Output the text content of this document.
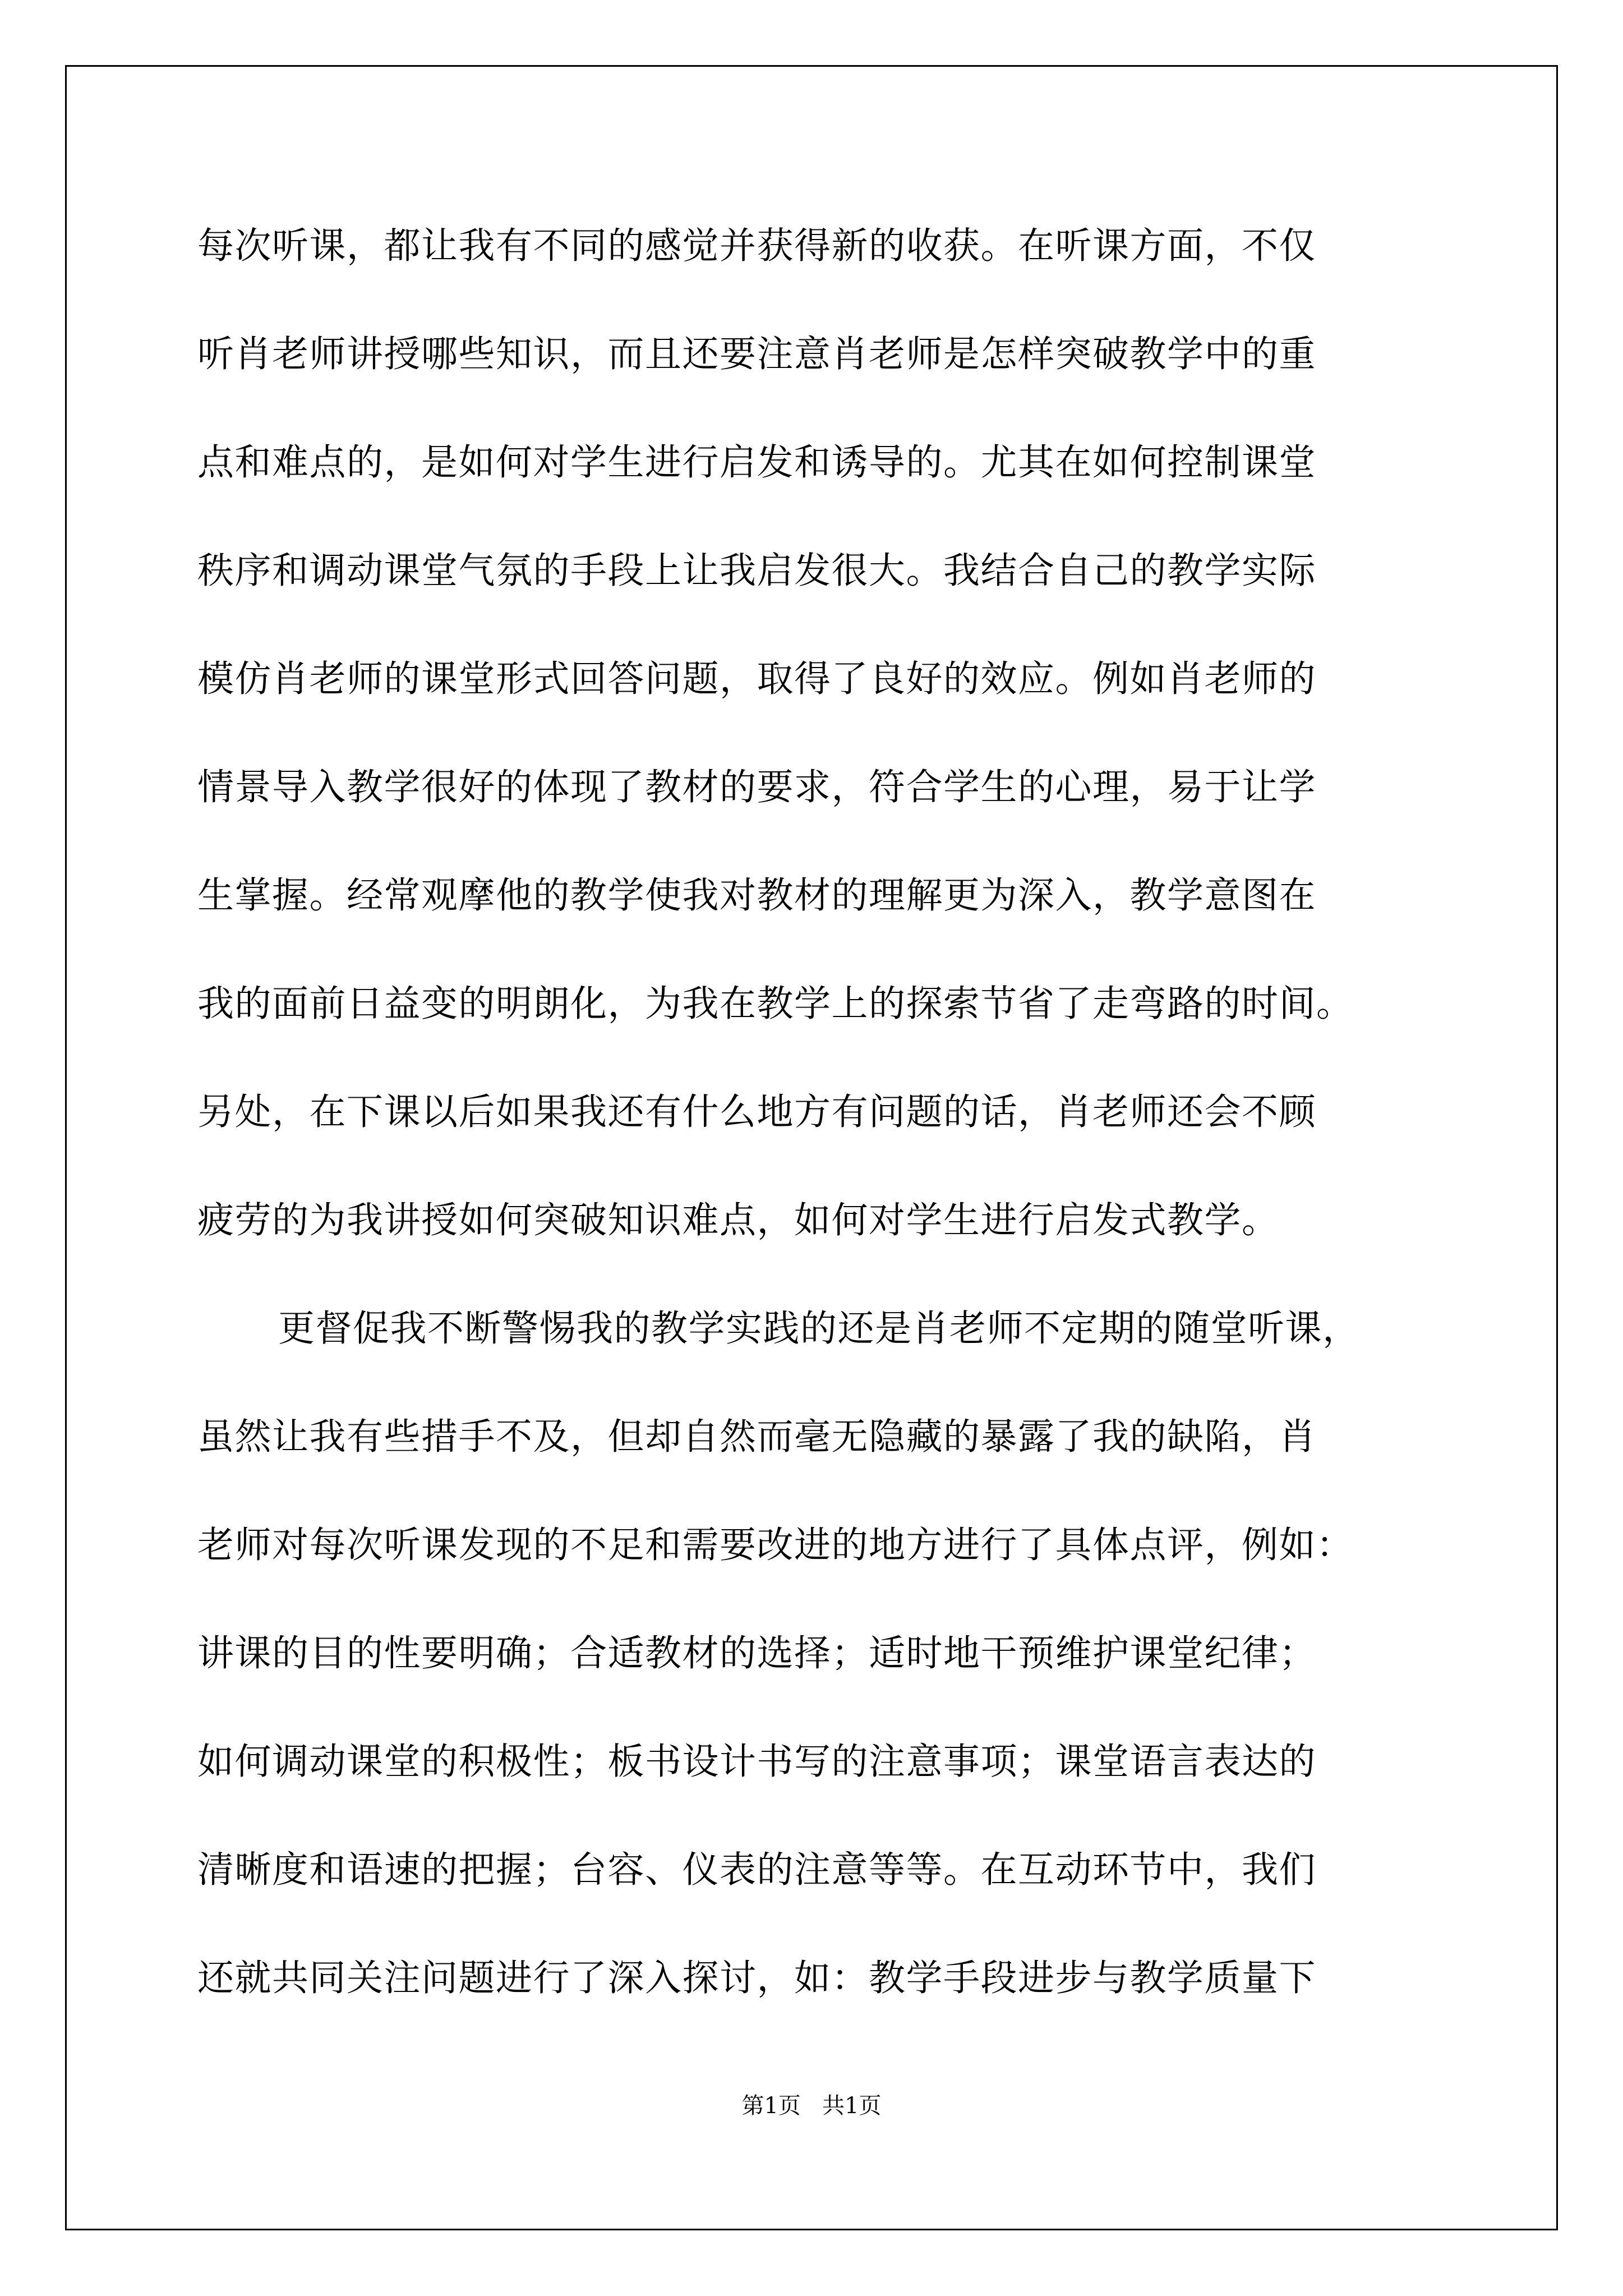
每次听课，都让我有不同的感觉并获得新的收获。在听课方面，不仅
听肖老师讲授哪些知识，而且还要注意肖老师是怎样突破教学中的重
点和难点的，是如何对学生进行启发和诱导的。尤其在如何控制课堂
秩序和调动课堂气氛的手段上让我启发很大。我结合自己的教学实际
模仿肖老师的课堂形式回答问题，取得了良好的效应。例如肖老师的
情景导入教学很好的体现了教材的要求，符合学生的心理，易于让学
生掌握。经常观摩他的教学使我对教材的理解更为深入，教学意图在
我的面前日益变的明朗化，为我在教学上的探索节省了走弯路的时间。
另处，在下课以后如果我还有什么地方有问题的话，肖老师还会不顾
疲劳的为我讲授如何突破知识难点，如何对学生进行启发式教学。
更督促我不断警惕我的教学实践的还是肖老师不定期的随堂听课，
虽然让我有些措手不及，但却自然而毫无隐藏的暴露了我的缺陷，肖
老师对每次听课发现的不足和需要改进的地方进行了具体点评，例如：
讲课的目的性要明确；合适教材的选择；适时地干预维护课堂纪律；
如何调动课堂的积极性；板书设计书写的注意事项；课堂语言表达的
清晰度和语速的把握；台容、仪表的注意等等。在互动环节中，我们
还就共同关注问题进行了深入探讨，如：教学手段进步与教学质量下
第1页   共1页
